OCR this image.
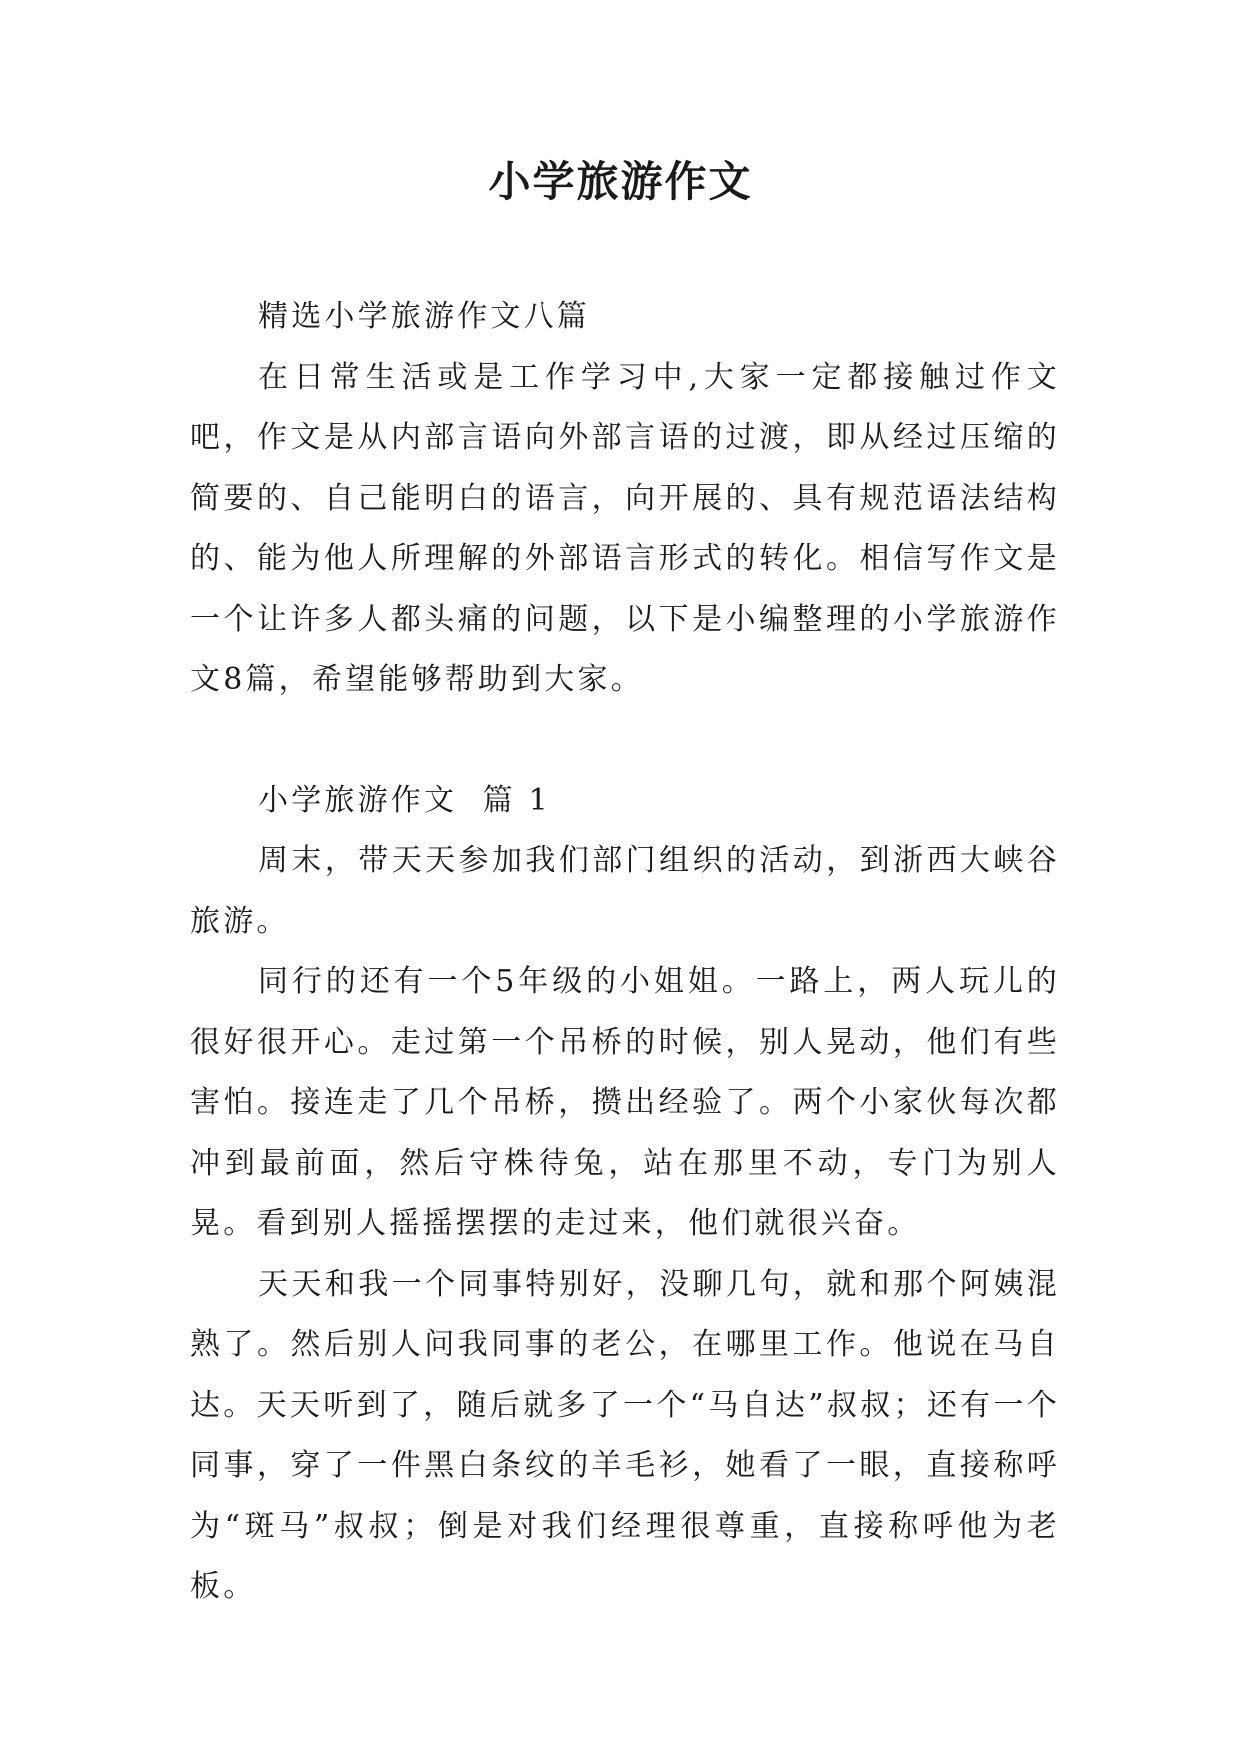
小学旅游作文

精选小学旅游作文八篇

在日常生活或是工作学习中,大家一定都接触过作文吧，作文是从内部言语向外部言语的过渡，即从经过压缩的简要的、自己能明白的语言，向开展的、具有规范语法结构的、能为他人所理解的外部语言形式的转化。相信写作文是一个让许多人都头痛的问题，以下是小编整理的小学旅游作文8篇，希望能够帮助到大家。

小学旅游作文  篇 1

周末，带天天参加我们部门组织的活动，到浙西大峡谷旅游。

同行的还有一个5年级的小姐姐。一路上，两人玩儿的很好很开心。走过第一个吊桥的时候，别人晃动，他们有些害怕。接连走了几个吊桥，攒出经验了。两个小家伙每次都冲到最前面，然后守株待兔，站在那里不动，专门为别人晃。看到别人摇摇摆摆的走过来，他们就很兴奋。

天天和我一个同事特别好，没聊几句，就和那个阿姨混熟了。然后别人问我同事的老公，在哪里工作。他说在马自达。天天听到了，随后就多了一个“马自达”叔叔；还有一个同事，穿了一件黑白条纹的羊毛衫，她看了一眼，直接称呼为“斑马”叔叔；倒是对我们经理很尊重，直接称呼他为老板。
